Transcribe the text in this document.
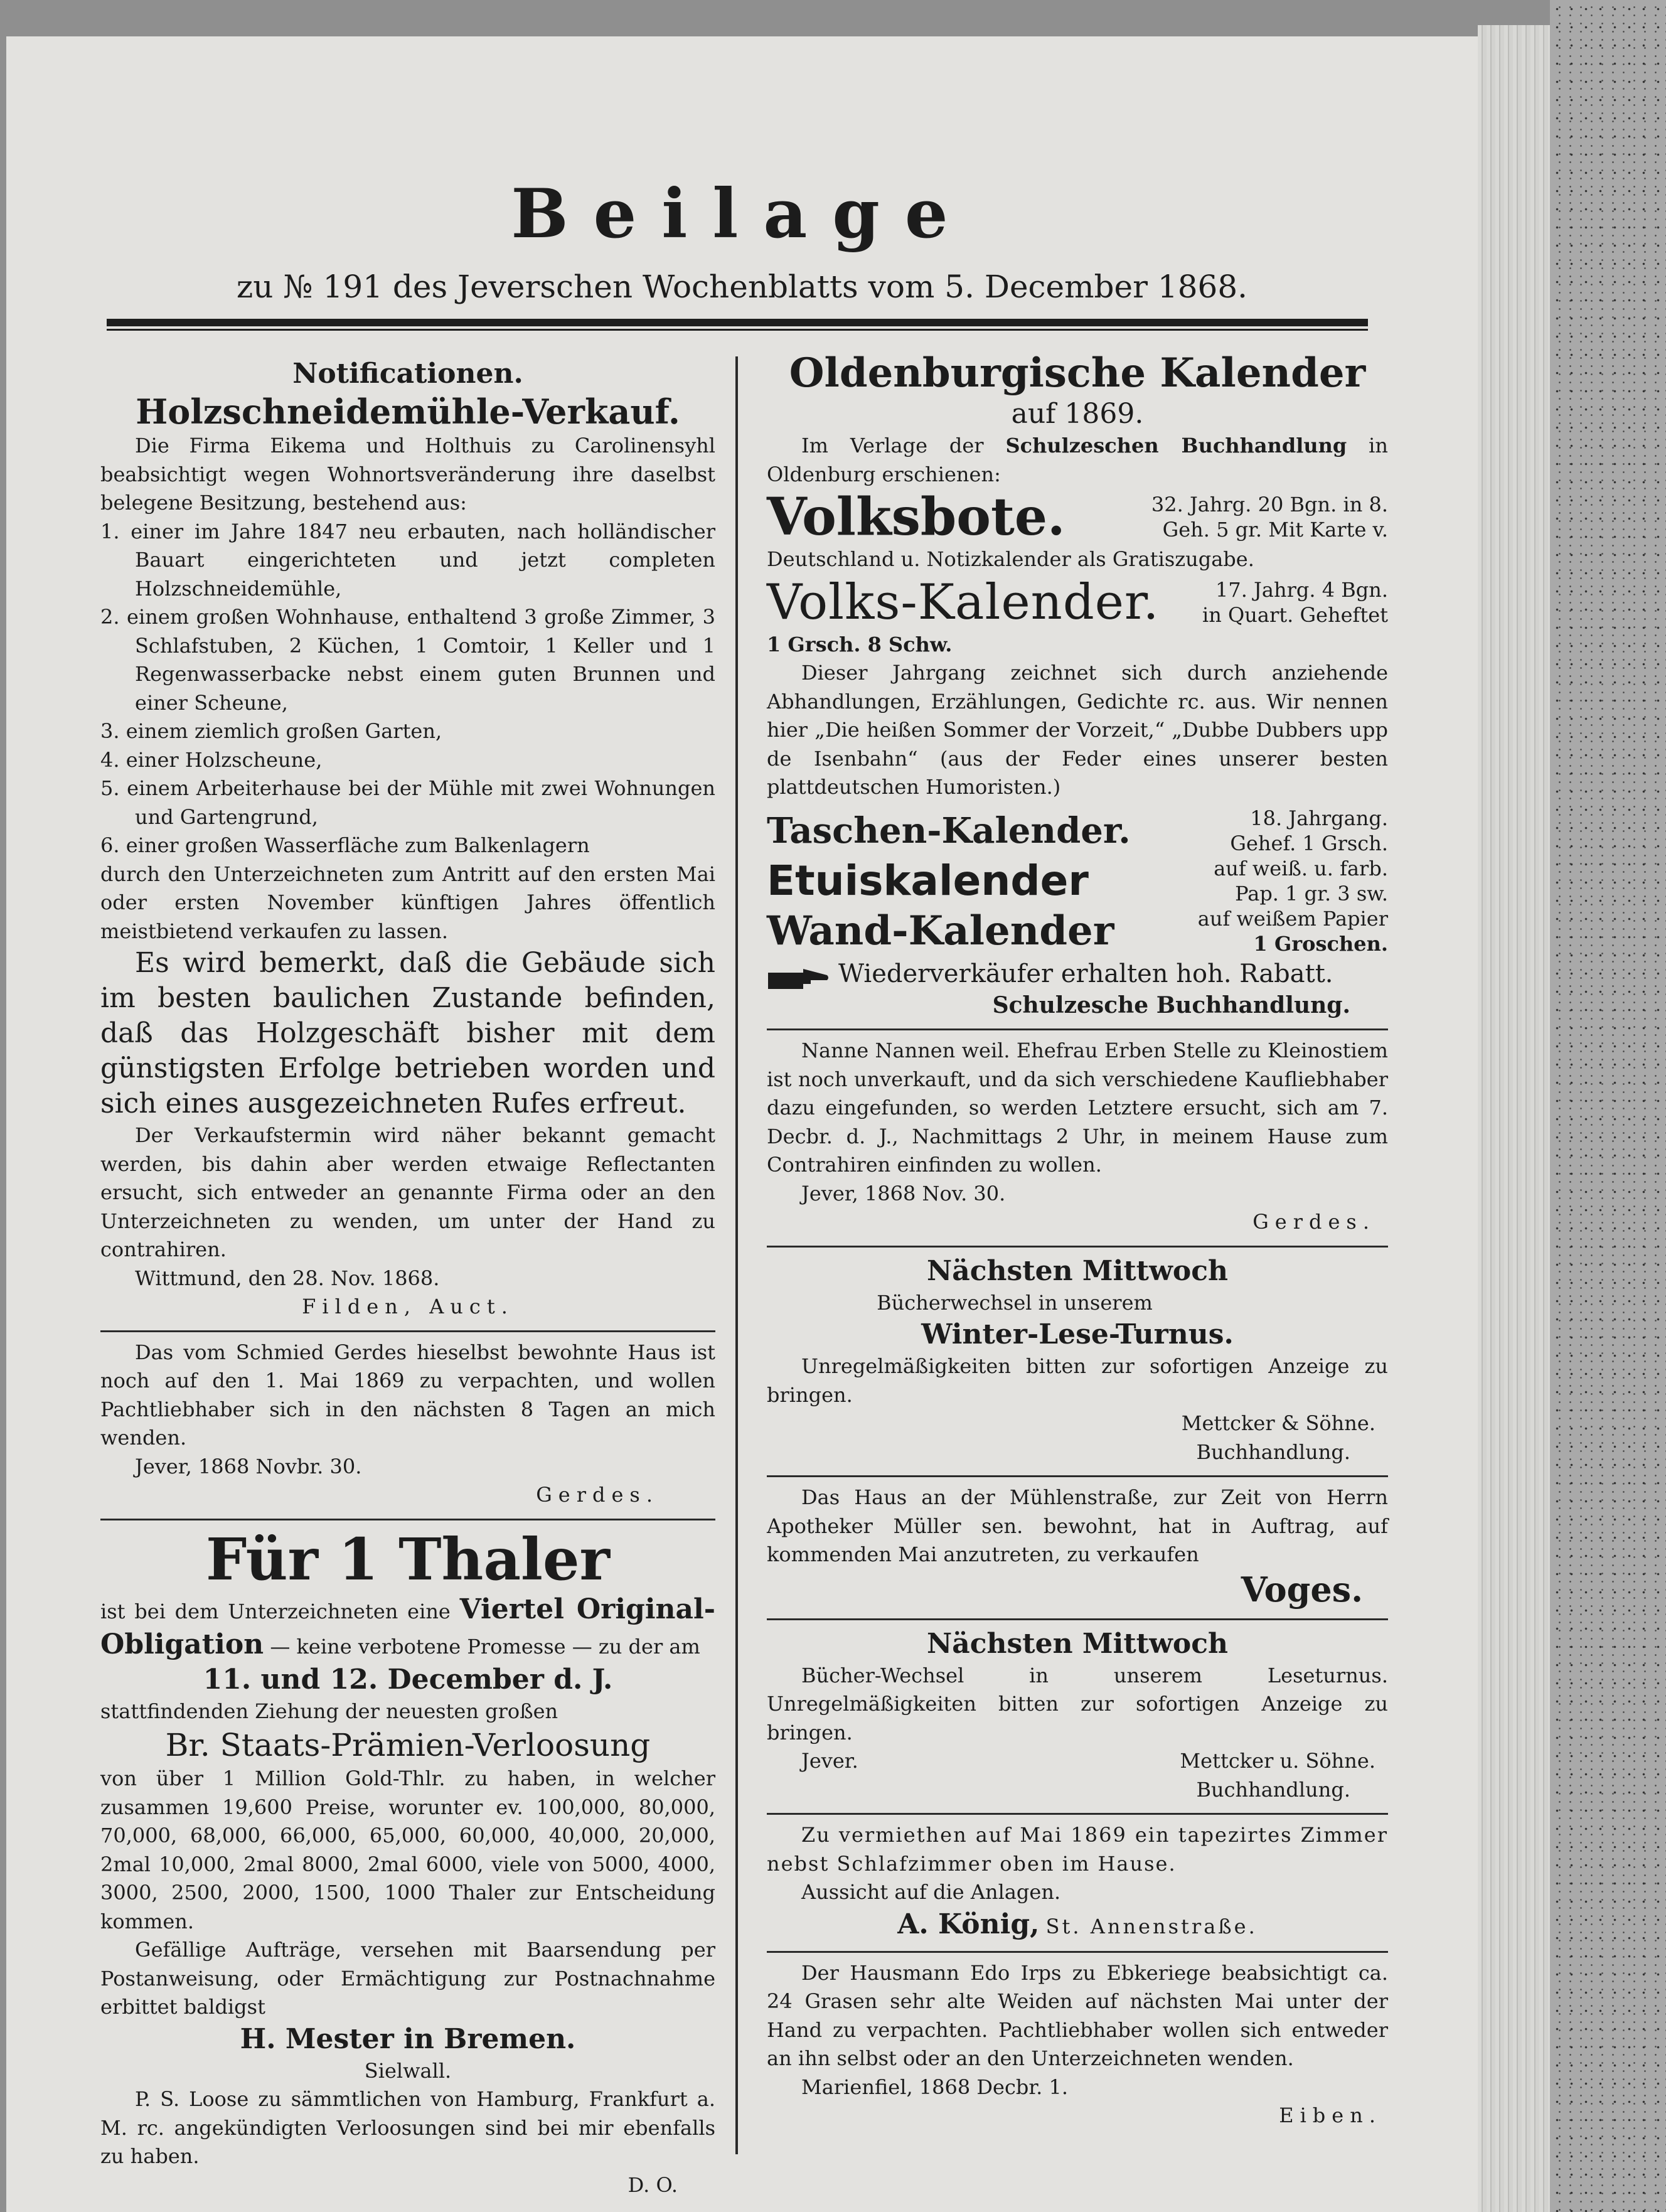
Beilage
zu № 191 des Jeverschen Wochenblatts vom 5. December 1868.

Notificationen.

Holzschneidemühle-Verkauf.

Die Firma Eikema und Holthuis zu Carolinensyhl beabsichtigt wegen Wohnortsveränderung ihre daselbst belegene Besitzung, bestehend aus:

1. einer im Jahre 1847 neu erbauten, nach holländischer Bauart eingerichteten und jetzt completen Holzschneidemühle,

2. einem großen Wohnhause, enthaltend 3 große Zimmer, 3 Schlafstuben, 2 Küchen, 1 Comtoir, 1 Keller und 1 Regenwasserbacke nebst einem guten Brunnen und einer Scheune,

3. einem ziemlich großen Garten,

4. einer Holzscheune,

5. einem Arbeiterhause bei der Mühle mit zwei Wohnungen und Gartengrund,

6. einer großen Wasserfläche zum Balkenlagern

durch den Unterzeichneten zum Antritt auf den ersten Mai oder ersten November künftigen Jahres öffentlich meistbietend verkaufen zu lassen.

Es wird bemerkt, daß die Gebäude sich im besten baulichen Zustande befinden, daß das Holzgeschäft bisher mit dem günstigsten Erfolge betrieben worden und sich eines ausgezeichneten Rufes erfreut.

Der Verkaufstermin wird näher bekannt gemacht werden, bis dahin aber werden etwaige Reflectanten ersucht, sich entweder an genannte Firma oder an den Unterzeichneten zu wenden, um unter der Hand zu contrahiren.

Wittmund, den 28. Nov. 1868.

Filden, Auct.

Das vom Schmied Gerdes hieselbst bewohnte Haus ist noch auf den 1. Mai 1869 zu verpachten, und wollen Pachtliebhaber sich in den nächsten 8 Tagen an mich wenden.

Jever, 1868 Novbr. 30.

Gerdes.

Für 1 Thaler

ist bei dem Unterzeichneten eine Viertel Original-Obligation — keine verbotene Promesse — zu der am

11. und 12. December d. J.

stattfindenden Ziehung der neuesten großen

Br. Staats-Prämien-Verloosung

von über 1 Million Gold-Thlr. zu haben, in welcher zusammen 19,600 Preise, worunter ev. 100,000, 80,000, 70,000, 68,000, 66,000, 65,000, 60,000, 40,000, 20,000, 2mal 10,000, 2mal 8000, 2mal 6000, viele von 5000, 4000, 3000, 2500, 2000, 1500, 1000 Thaler zur Entscheidung kommen.

Gefällige Aufträge, versehen mit Baarsendung per Postanweisung, oder Ermächtigung zur Postnachnahme erbittet baldigst

H. Mester in Bremen.

Sielwall.

P. S. Loose zu sämmtlichen von Hamburg, Frankfurt a. M. rc. angekündigten Verloosungen sind bei mir ebenfalls zu haben.

D. O.

Oldenburgische Kalender

auf 1869.

Im Verlage der Schulzeschen Buchhandlung in Oldenburg erschienen:

Volksbote.	32. Jahrg. 20 Bgn. in 8.
Geh. 5 gr. Mit Karte v.

Deutschland u. Notizkalender als Gratiszugabe.

Volks-Kalender.	17. Jahrg. 4 Bgn.
in Quart. Geheftet

1 Grsch. 8 Schw.

Dieser Jahrgang zeichnet sich durch anziehende Abhandlungen, Erzählungen, Gedichte rc. aus. Wir nennen hier „Die heißen Sommer der Vorzeit,“ „Dubbe Dubbers upp de Isenbahn“ (aus der Feder eines unserer besten plattdeutschen Humoristen.)

Taschen-Kalender.	18. Jahrgang.
Gehef. 1 Grsch.
Etuiskalender	auf weiß. u. farb.
Pap. 1 gr. 3 sw.
Wand-Kalender	auf weißem Papier
1 Groschen.

Wiederverkäufer erhalten hoh. Rabatt.

Schulzesche Buchhandlung.

Nanne Nannen weil. Ehefrau Erben Stelle zu Kleinostiem ist noch unverkauft, und da sich verschiedene Kaufliebhaber dazu eingefunden, so werden Letztere ersucht, sich am 7. Decbr. d. J., Nachmittags 2 Uhr, in meinem Hause zum Contrahiren einfinden zu wollen.

Jever, 1868 Nov. 30.

Gerdes.

Nächsten Mittwoch

Bücherwechsel in unserem

Winter-Lese-Turnus.

Unregelmäßigkeiten bitten zur sofortigen Anzeige zu bringen.

Mettcker & Söhne.

Buchhandlung.

Das Haus an der Mühlenstraße, zur Zeit von Herrn Apotheker Müller sen. bewohnt, hat in Auftrag, auf kommenden Mai anzutreten, zu verkaufen

Voges.

Nächsten Mittwoch

Bücher-Wechsel in unserem Leseturnus. Unregelmäßigkeiten bitten zur sofortigen Anzeige zu bringen.

Jever.	Mettcker u. Söhne.

Buchhandlung.

Zu vermiethen auf Mai 1869 ein tapezirtes Zimmer nebst Schlafzimmer oben im Hause.

Aussicht auf die Anlagen.

A. König, St. Annenstraße.

Der Hausmann Edo Irps zu Ebkeriege beabsichtigt ca. 24 Grasen sehr alte Weiden auf nächsten Mai unter der Hand zu verpachten. Pachtliebhaber wollen sich entweder an ihn selbst oder an den Unterzeichneten wenden.

Marienfiel, 1868 Decbr. 1.

Eiben.
